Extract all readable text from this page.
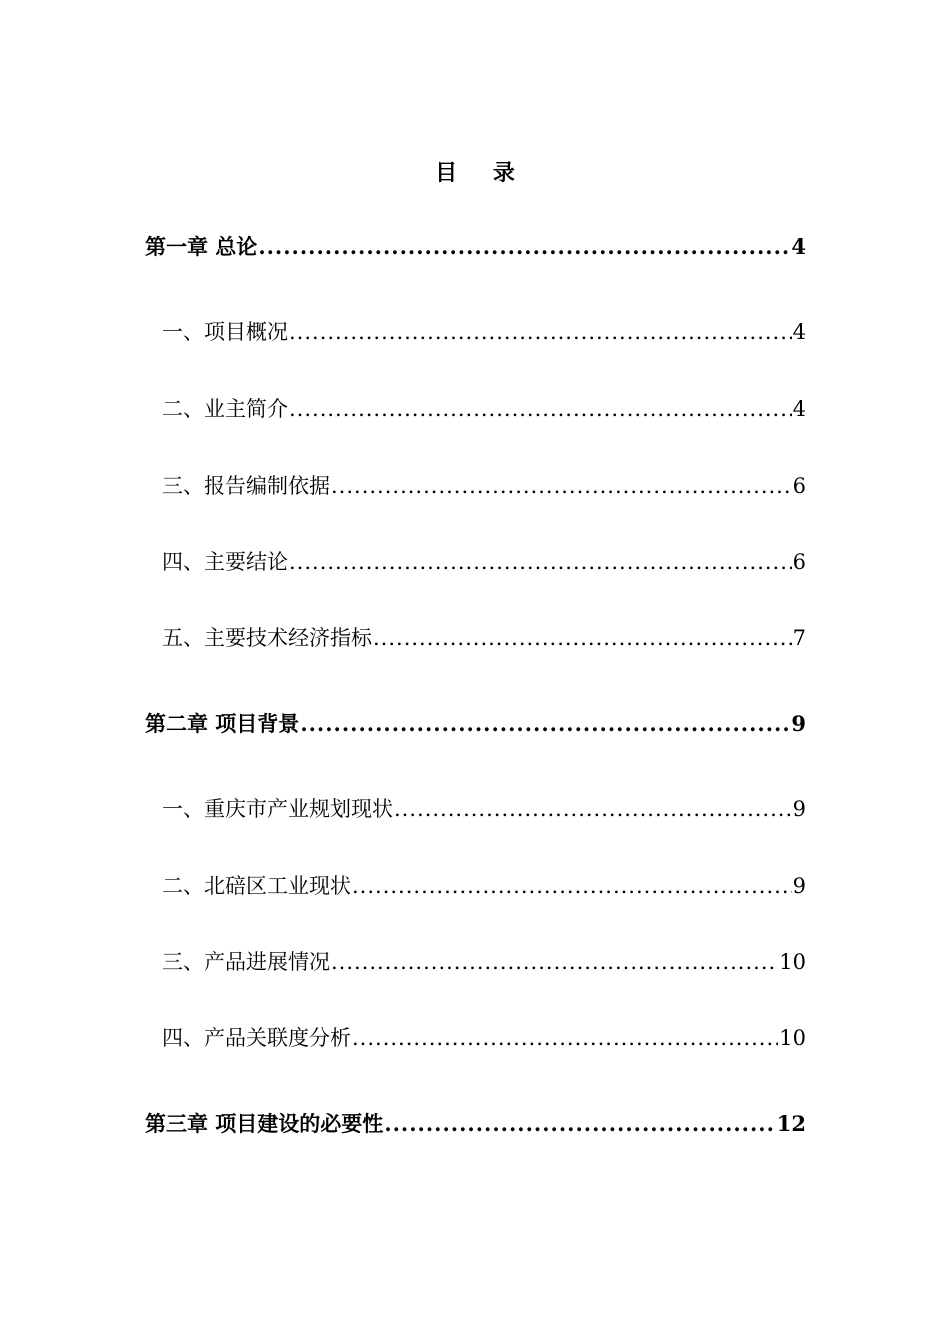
目 录
第一章 总论 .....	4
一、项目概况 .....	4
二、业主简介 .....	4
三、报告编制依据 .....	6
四、主要结论 .....	6
五、主要技术经济指标 .....	7
第二章 项目背景 .....	9
一、重庆市产业规划现状 .....	9
二、北碚区工业现状 .....	9
三、产品进展情况 .....	10
四、产品关联度分析 .....	10
第三章 项目建设的必要性 .....	12
